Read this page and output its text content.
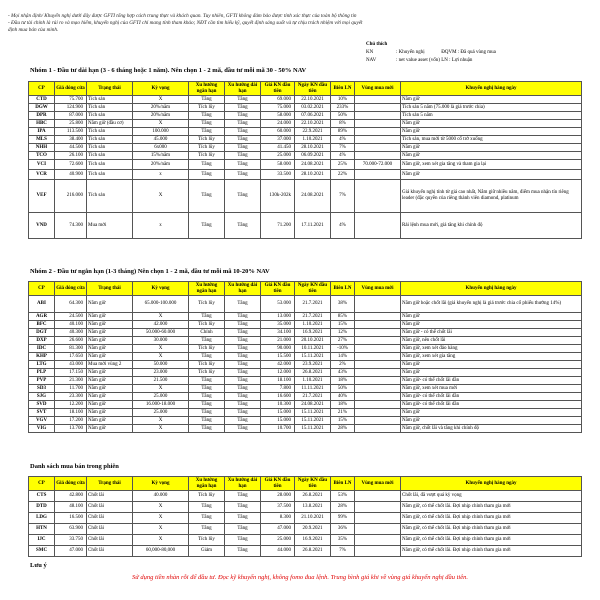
- Mọi nhận định/ Khuyến nghị dưới đây được GFTI tổng hợp cách trung thực và khách quan. Tuy nhiên, GFTI không đảm bảo được tính xác thực của toàn bộ thông tin
- Đầu tư tài chính là rủi ro và mạo hiểm, khuyến nghị của GFTI chỉ mang tính tham khảo; NĐT cần tìm hiểu kỹ, quyết định sáng suốt và tự chịu trách nhiệm với mọi quyết
định mua bán của mình.
Chú thích
KN	: Khuyến nghị	ĐQVM : Đã quá vùng mua
NAV	: net value asset (vốn) LN : Lợi nhuận
Nhóm 1 - Đầu tư dài hạn (3 - 6 tháng hoặc 1 năm). Nên chọn 1 - 2 mã, đầu tư mỗi mã 30 - 50% NAV
CP	Giá đóng cửa	Trạng thái	Kỳ vọng	Xu hướng ngắn hạn	Xu hướng dài hạn	Giá KN đầu tiên	Ngày KN đầu tiên	Biên LN	Vùng mua mới	Khuyến nghị hàng ngày
CTD	75.700	Tích sản	X	Tăng	Tăng	69.000	22.10.2021	10%		Nắm giữ
DGW	124.900	Tích sản	20%/năm	Tích lũy	Tăng	75.000	03.02.2021	233%		Tích sản 5 năm (75.000 là giá trước chia)
DPR	87.000	Tích sản	20%/năm	Tăng	Tăng	58.000	07.06.2021	50%		Tích sản 5 năm
HBC	25.800	Nắm giữ (đầu cơ)	X	Tăng	Tăng	24.000	22.10.2021	8%		Nắm giữ
IPA	113.500	Tích sản	100.000	Tăng	Tăng	60.000	22.9.2021	89%		Nắm giữ
MLS	38.400	Tích sản	45.000	Tích lũy	Tăng	37.000	1.10.2021	4%		Tích sản, mua mới từ 5000 cổ trở xuống
NHH	44.500	Tích sản	6x000	Tích lũy	Tăng	41.450	28.10.2021	7%		Nắm giữ
TCO	26.100	Tích sản	15%/năm	Tích lũy	Tăng	25.000	06.09.2021	4%		Nắm giữ
VCI	72.600	Tích sản	20%/năm	Tăng	Tăng	58.000	24.08.2021	25%	70.000-72.000	Nắm giữ, xem xét gia tăng và tham gia lại
VCR	40.900	Tích sản	x	Tăng	Tăng	33.500	28.10.2021	22%		Nắm giữ
VEF	216.000	Tích sản	X	Tăng	Tăng	130k-202k	24.08.2021	7%		Giá khuyến nghị tính từ giá cao nhất, Nắm giữ nhiều năm, điểm mua nhận tín riêng leader (đặc quyền của riêng thành viên diamond, platinum
VND	74.300	Mua mới	x	Tăng	Tăng	71.200	17.11.2021	4%		Rải lệnh mua mới, giá tăng khi chính độ
Nhóm 2 - Đầu tư ngắn hạn (1-3 tháng) Nên chọn 1 - 2 mã, đầu tư mỗi mã 10-20% NAV
CP	Giá đóng cửa	Trạng thái	Kỳ vọng	Xu hướng ngắn hạn	Xu hướng dài hạn	Giá KN đầu tiên	Ngày KN đầu tiên	Biên LN	Vùng mua mới	Khuyến nghị hàng ngày
ABI	64.300	Nắm giữ	65.000-100.000	Tích lũy	Tăng	53.000	21.7.2021	38%		Nắm giữ hoặc chốt lãi (giá khuyến nghị là giá trước chia cổ phiếu thưởng 14%)
AGR	24.500	Nắm giữ	X	Tăng	Tăng	13.000	21.7.2021	85%		Nắm giữ
BFC	40.100	Nắm giữ	42.000	Tích lũy	Tăng	35.000	1.10.2021	15%		Nắm giữ
DGT	40.300	Nắm giữ	50.000-60.000	Chỉnh	Tăng	34.100	16.9.2021	12%		Nắm giữ - có thể chốt lãi
DXP	26.600	Nắm giữ	30.000	Tăng	Tăng	21.000	20.10.2021	27%		Nắm giữ, nên chốt lãi
IDC	81.300	Nắm giữ	X	Tích lũy	Tăng	90.000	10.11.2021	-10%		Nắm giữ, xem xét đảo hàng
KHP	17.650	Nắm giữ	X	Tăng	Tăng	15.500	15.11.2021	14%		Nắm giữ, xem xét gia tăng
LTG	43.000	Mua mới vùng 2	50.000	Tích lũy	Tăng	42.000	23.9.2021	2%		Nắm giữ
PLP	17.150	Nắm giữ	23.000	Tích lũy	Tăng	12.000	26.8.2021	43%		Nắm giữ
PVP	21.300	Nắm giữ	21.500	Tăng	Tăng	18.100	1.10.2021	18%		Nắm giữ- có thể chốt lãi dần
SD3	11.700	Nắm giữ	X	Tăng	Tăng	7.800	11.11.2021	50%		Nắm giữ, xem xét mua mới
SJG	23.300	Nắm giữ	25.000	Tăng	Tăng	16.600	21.7.2021	40%		Nắm giữ- có thể chốt lãi dần
SVD	12.200	Nắm giữ	16.000-18.000	Tăng	Tăng	10.300	24.08.2021	18%		Nắm giữ- có thể chốt lãi dần
SVT	18.100	Nắm giữ	25.000	Tăng	Tăng	15.000	15.11.2021	21%		Nắm giữ
VGV	17.200	Nắm giữ	X	Tăng	Tăng	15.000	15.11.2021	15%		Nắm giữ
VIG	13.700	Nắm giữ	X	Tăng	Tăng	10.700	15.11.2021	28%		Nắm giữ, chốt lãi và tăng khi chính độ
Danh sách mua bán trong phiên
CP	Giá đóng cửa	Trạng thái	Kỳ vọng	Xu hướng ngắn hạn	Xu hướng dài hạn	Giá KN đầu tiên	Ngày KN đầu tiên	Biên LN	Vùng mua mới	Khuyến nghị hàng ngày
CTS	42.800	Chốt lãi	40.000	Tích lũy	Tăng	28.000	26.8.2021	53%		Chốt lãi, đã vượt quá kỳ vọng
DTD	48.100	Chốt lãi	X	Tăng	Tăng	37.500	13.8.2021	28%		Nắm giữ, có thể chốt lãi. Đợi nhịp chỉnh tham gia mới
LDG	16.500	Chốt lãi	X	Tăng	Tăng	8.300	21.10.2021	99%		Nắm giữ, có thể chốt lãi. Đợi nhịp chỉnh tham gia mới
HTN	63.900	Chốt lãi	X	Tăng	Tăng	47.000	20.9.2021	36%		Nắm giữ, có thể chốt lãi. Đợi nhịp chỉnh tham gia mới
IJC	33.750	Chốt lãi	X	Tích lũy	Tăng	25.000	16.9.2021	35%		Nắm giữ, có thể chốt lãi. Đợi nhịp chỉnh tham gia mới
SMC	47.000	Chốt lãi	60,000-80,000	Giảm	Tăng	44.000	26.8.2021	7%		Nắm giữ, có thể chốt lãi. Đợi nhịp chỉnh tham gia mới
Lưu ý
Sử dụng tiền nhàn rỗi để đầu tư. Đọc kỹ khuyến nghị, không fomo đua lệnh. Trung bình giá khi về vùng giá khuyến nghị đầu tiên.
